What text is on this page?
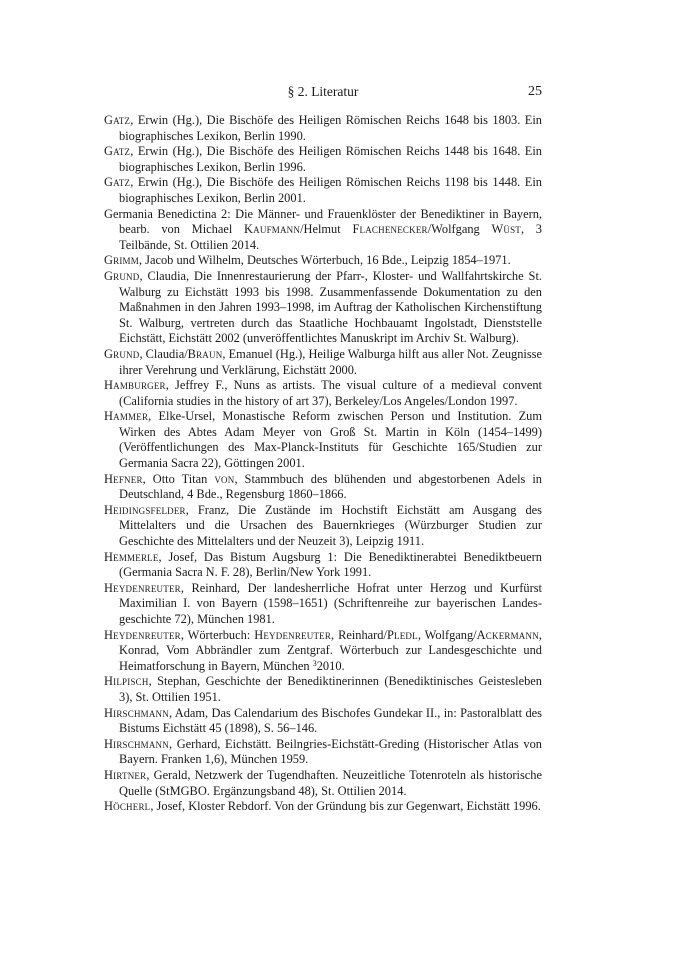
§ 2. Literatur	25

Gatz, Erwin (Hg.), Die Bischöfe des Heiligen Römischen Reichs 1648 bis 1803. Ein biographisches Lexikon, Berlin 1990.

Gatz, Erwin (Hg.), Die Bischöfe des Heiligen Römischen Reichs 1448 bis 1648. Ein biographisches Lexikon, Berlin 1996.

Gatz, Erwin (Hg.), Die Bischöfe des Heiligen Römischen Reichs 1198 bis 1448. Ein biographisches Lexikon, Berlin 2001.

Germania Benedictina 2: Die Männer- und Frauenklöster der Benediktiner in Bayern, bearb. von Michael Kaufmann/Helmut Flachenecker/Wolfgang Wüst, 3 Teilbände, St. Ottilien 2014.

Grimm, Jacob und Wilhelm, Deutsches Wörterbuch, 16 Bde., Leipzig 1854–1971.

Grund, Claudia, Die Innenrestaurierung der Pfarr-, Kloster- und Wallfahrtskirche St. Walburg zu Eichstätt 1993 bis 1998. Zusammenfassende Dokumentation zu den Maßnahmen in den Jahren 1993–1998, im Auftrag der Katholischen Kirchenstiftung St. Walburg, vertreten durch das Staatliche Hochbauamt Ingolstadt, Dienststelle Eichstätt, Eichstätt 2002 (unveröffentlichtes Manuskript im Archiv St. Walburg).

Grund, Claudia/Braun, Emanuel (Hg.), Heilige Walburga hilft aus aller Not. Zeugnisse ihrer Verehrung und Verklärung, Eichstätt 2000.

Hamburger, Jeffrey F., Nuns as artists. The visual culture of a medieval convent (California studies in the history of art 37), Berkeley/Los Angeles/London 1997.

Hammer, Elke-Ursel, Monastische Reform zwischen Person und Institution. Zum Wirken des Abtes Adam Meyer von Groß St. Martin in Köln (1454–1499) (Veröffentlichungen des Max-Planck-Instituts für Geschichte 165/Studien zur Germania Sacra 22), Göttingen 2001.

Hefner, Otto Titan von, Stammbuch des blühenden und abgestorbenen Adels in Deutschland, 4 Bde., Regensburg 1860–1866.

Heidingsfelder, Franz, Die Zustände im Hochstift Eichstätt am Ausgang des Mittelalters und die Ursachen des Bauernkrieges (Würzburger Studien zur Geschichte des Mittelalters und der Neuzeit 3), Leipzig 1911.

Hemmerle, Josef, Das Bistum Augsburg 1: Die Benediktinerabtei Benediktbeuern (Germania Sacra N. F. 28), Berlin/New York 1991.

Heydenreuter, Reinhard, Der landesherrliche Hofrat unter Herzog und Kurfürst Maximilian I. von Bayern (1598–1651) (Schriftenreihe zur bayerischen Landes-geschichte 72), München 1981.

Heydenreuter, Wörterbuch: Heydenreuter, Reinhard/Pledl, Wolfgang/Ackermann, Konrad, Vom Abbrändler zum Zentgraf. Wörterbuch zur Landesgeschichte und Heimatforschung in Bayern, München $^3$2010.

Hilpisch, Stephan, Geschichte der Benediktinerinnen (Benediktinisches Geistesleben 3), St. Ottilien 1951.

Hirschmann, Adam, Das Calendarium des Bischofes Gundekar II., in: Pastoralblatt des Bistums Eichstätt 45 (1898), S. 56–146.

Hirschmann, Gerhard, Eichstätt. Beilngries-Eichstätt-Greding (Historischer Atlas von Bayern. Franken 1,6), München 1959.

Hirtner, Gerald, Netzwerk der Tugendhaften. Neuzeitliche Totenroteln als historische Quelle (StMGBO. Ergänzungsband 48), St. Ottilien 2014.

Höcherl, Josef, Kloster Rebdorf. Von der Gründung bis zur Gegenwart, Eichstätt 1996.
